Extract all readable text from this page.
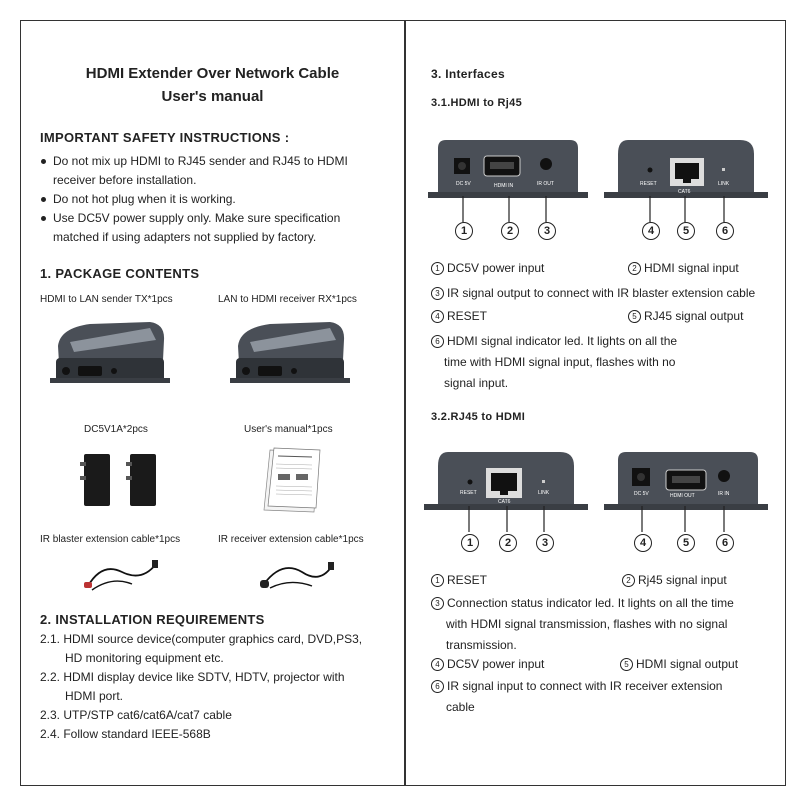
HDMI Extender Over Network Cable
User's manual
IMPORTANT SAFETY INSTRUCTIONS :
Do not mix up HDMI to RJ45 sender and RJ45 to HDMI
receiver before installation.
Do not hot plug when it is working.
Use DC5V power supply only. Make sure specification
matched if using adapters not supplied by factory.
1. PACKAGE CONTENTS
HDMI to LAN sender TX*1pcs	LAN to HDMI receiver RX*1pcs
DC5V1A*2pcs	User's manual*1pcs
IR blaster extension cable*1pcs	IR receiver extension cable*1pcs
2. INSTALLATION REQUIREMENTS
2.1. HDMI source device(computer graphics card, DVD,PS3,
HD monitoring equipment etc.
2.2. HDMI display device like SDTV, HDTV, projector with
HDMI port.
2.3. UTP/STP cat6/cat6A/cat7 cable
2.4. Follow standard IEEE-568B
3. Interfaces
3.1.HDMI to Rj45
DC 5V	HDMI IN	IR OUT	RESET
CAT6
LINK
1	2	3	4	5	6
1 DC5V power input	2 HDMI signal input
3 IR signal output to connect with IR blaster extension cable
4 RESET	5 RJ45 signal output
6 HDMI signal indicator led. It lights on all the
time with HDMI signal input, flashes with no
signal input.
3.2.RJ45 to HDMI
RESET
CAT6
LINK	DC 5V	HDMI OUT	IR IN
1	2	3	4	5	6
1 RESET	2 Rj45 signal input
3 Connection status indicator led. It lights on all the time
with HDMI signal transmission, flashes with no signal
transmission.
4 DC5V power input	5 HDMI signal output
6 IR signal input to connect with IR receiver extension
cable
